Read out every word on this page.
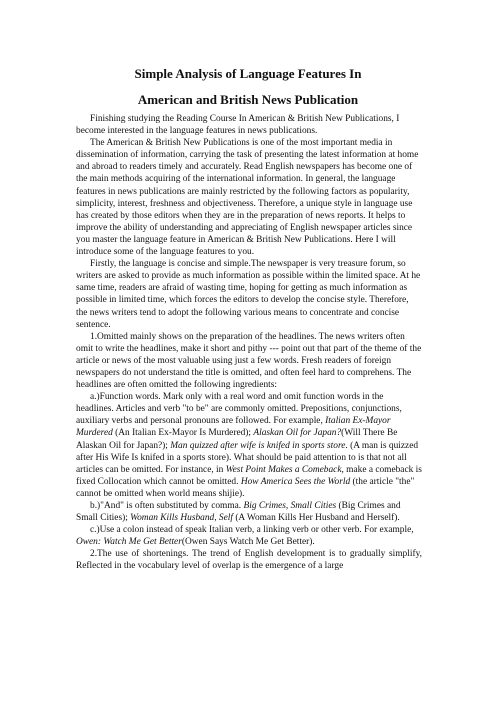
Simple Analysis of Language Features In
American and British News Publication

Finishing studying the Reading Course In American & British New Publications, I become interested in the language features in news publications.

The American & British New Publications is one of the most important media in dissemination of information, carrying the task of presenting the latest information at home and abroad to readers timely and accurately. Read English newspapers has become one of the main methods acquiring of the international information. In general, the language features in news publications are mainly restricted by the following factors as popularity, simplicity, interest, freshness and objectiveness. Therefore, a unique style in language use has created by those editors when they are in the preparation of news reports. It helps to improve the ability of understanding and appreciating of English newspaper articles since you master the language feature in American & British New Publications. Here I will introduce some of the language features to you.

Firstly, the language is concise and simple.The newspaper is very treasure forum, so writers are asked to provide as much information as possible within the limited space. At he same time, readers are afraid of wasting time, hoping for getting as much information as possible in limited time, which forces the editors to develop the concise style. Therefore, the news writers tend to adopt the following various means to concentrate and concise sentence.

1.Omitted mainly shows on the preparation of the headlines. The news writers often omit to write the headlines, make it short and pithy --- point out that part of the theme of the article or news of the most valuable using just a few words. Fresh readers of foreign newspapers do not understand the title is omitted, and often feel hard to comprehens. The headlines are often omitted the following ingredients:

a.)Function words. Mark only with a real word and omit function words in the headlines. Articles and verb "to be" are commonly omitted. Prepositions, conjunctions, auxiliary verbs and personal pronouns are followed. For example, Italian Ex-Mayor Murdered (An Italian Ex-Mayor Is Murdered); Alaskan Oil for Japan?(Will There Be Alaskan Oil for Japan?); Man quizzed after wife is knifed in sports store. (A man is quizzed after His Wife Is knifed in a sports store). What should be paid attention to is that not all articles can be omitted. For instance, in West Point Makes a Comeback, make a comeback is fixed Collocation which cannot be omitted. How America Sees the World (the article "the" cannot be omitted when world means shijie).

b.)"And" is often substituted by comma. Big Crimes, Small Cities (Big Crimes and Small Cities); Woman Kills Husband, Self (A Woman Kills Her Husband and Herself).

c.)Use a colon instead of speak Italian verb, a linking verb or other verb. For example, Owen: Watch Me Get Better(Owen Says Watch Me Get Better).

2.The use of shortenings. The trend of English development is to gradually simplify, Reflected in the vocabulary level of overlap is the emergence of a large
